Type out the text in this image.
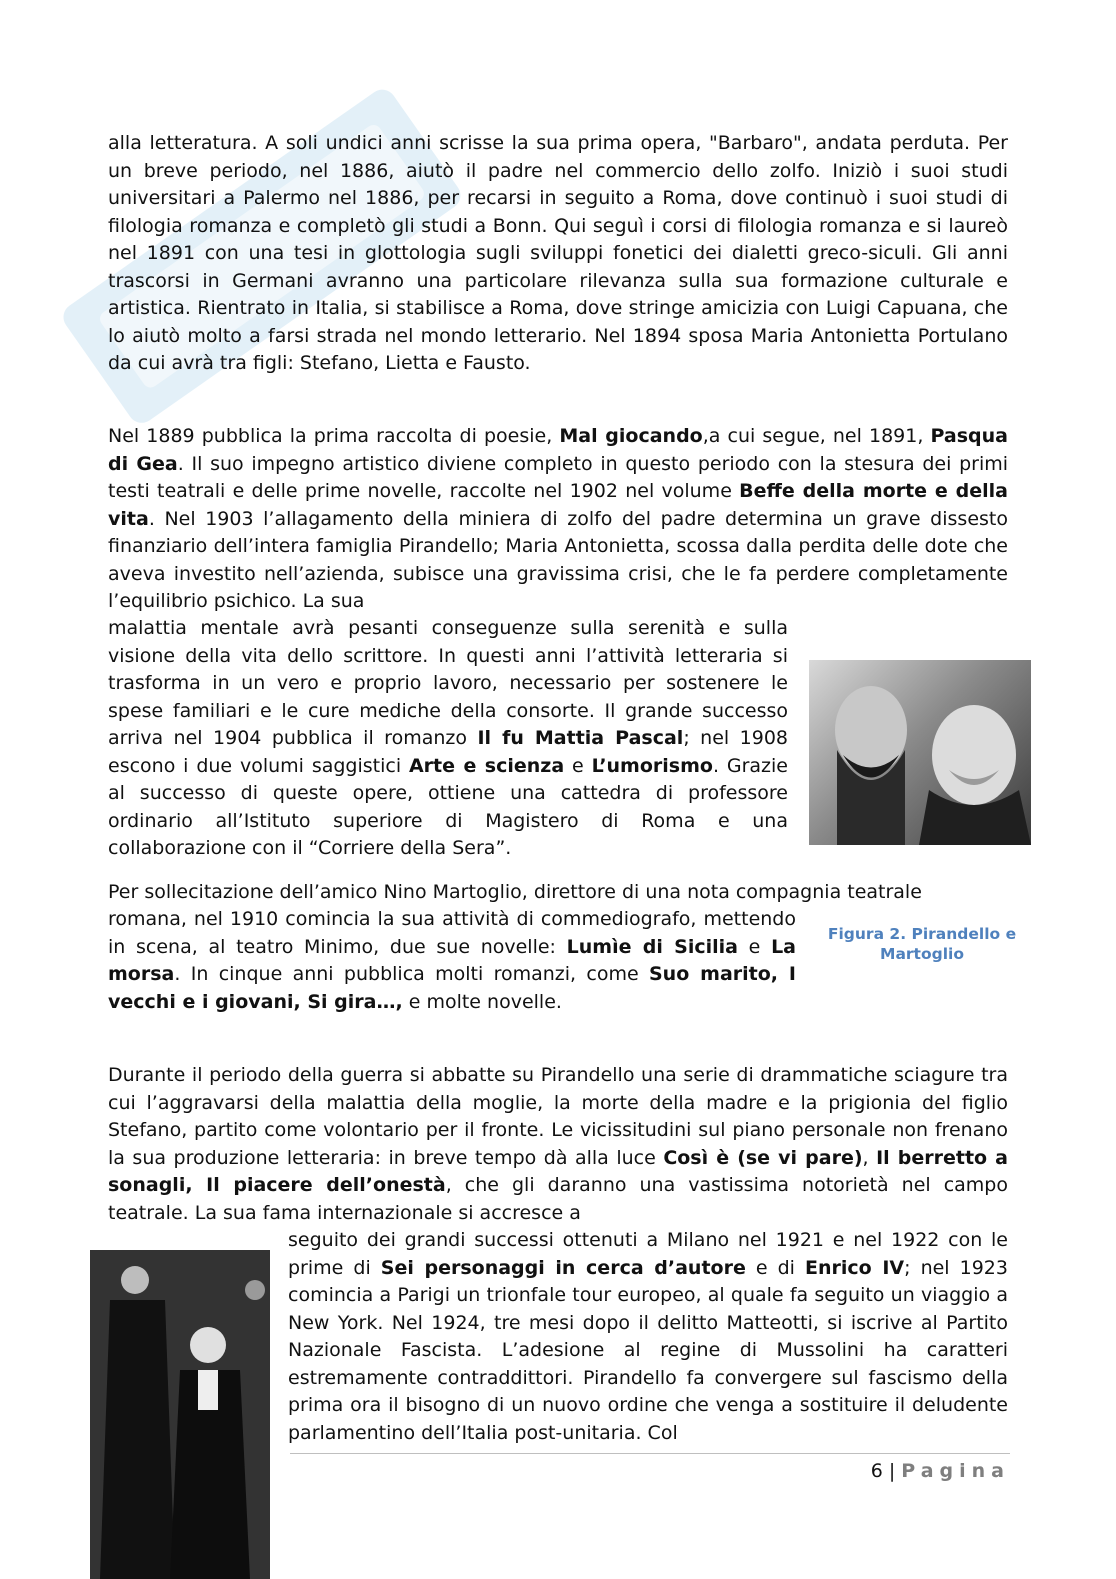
alla letteratura. A soli undici anni scrisse la sua prima opera, "Barbaro", andata perduta. Per un breve periodo, nel 1886, aiutò il padre nel commercio dello zolfo. Iniziò i suoi studi universitari a Palermo nel 1886, per recarsi in seguito a Roma, dove continuò i suoi studi di filologia romanza e completò gli studi a Bonn. Qui seguì i corsi di filologia romanza e si laureò nel 1891 con una tesi in glottologia sugli sviluppi fonetici dei dialetti greco-siculi. Gli anni trascorsi in Germani avranno una particolare rilevanza sulla sua formazione culturale e artistica. Rientrato in Italia, si stabilisce a Roma, dove stringe amicizia con Luigi Capuana, che lo aiutò molto a farsi strada nel mondo letterario. Nel 1894 sposa Maria Antonietta Portulano da cui avrà tra figli: Stefano, Lietta e Fausto.

Nel 1889 pubblica la prima raccolta di poesie, Mal giocando,a cui segue, nel 1891, Pasqua di Gea. Il suo impegno artistico diviene completo in questo periodo con la stesura dei primi testi teatrali e delle prime novelle, raccolte nel 1902 nel volume Beffe della morte e della vita. Nel 1903 l’allagamento della miniera di zolfo del padre determina un grave dissesto finanziario dell’intera famiglia Pirandello; Maria Antonietta, scossa dalla perdita delle dote che aveva investito nell’azienda, subisce una gravissima crisi, che le fa perdere completamente l’equilibrio psichico. La sua

malattia mentale avrà pesanti conseguenze sulla serenità e sulla visione della vita dello scrittore. In questi anni l’attività letteraria si trasforma in un vero e proprio lavoro, necessario per sostenere le spese familiari e le cure mediche della consorte. Il grande successo arriva nel 1904 pubblica il romanzo Il fu Mattia Pascal; nel 1908 escono i due volumi saggistici Arte e scienza e L’umorismo. Grazie al successo di queste opere, ottiene una cattedra di professore ordinario all’Istituto superiore di Magistero di Roma e una collaborazione con il “Corriere della Sera”.

Figura 2. Pirandello e
Martoglio

Per sollecitazione dell’amico Nino Martoglio, direttore di una nota compagnia teatrale

romana, nel 1910 comincia la sua attività di commediografo, mettendo in scena, al teatro Minimo, due sue novelle: Lumìe di Sicilia e La morsa. In cinque anni pubblica molti romanzi, come Suo marito, I vecchi e i giovani, Si gira…, e molte novelle.

Durante il periodo della guerra si abbatte su Pirandello una serie di drammatiche sciagure tra cui l’aggravarsi della malattia della moglie, la morte della madre e la prigionia del figlio Stefano, partito come volontario per il fronte. Le vicissitudini sul piano personale non frenano la sua produzione letteraria: in breve tempo dà alla luce Così è (se vi pare), Il berretto a sonagli, Il piacere dell’onestà, che gli daranno una vastissima notorietà nel campo teatrale. La sua fama internazionale si accresce a

seguito dei grandi successi ottenuti a Milano nel 1921 e nel 1922 con le prime di Sei personaggi in cerca d’autore e di Enrico IV; nel 1923 comincia a Parigi un trionfale tour europeo, al quale fa seguito un viaggio a New York. Nel 1924, tre mesi dopo il delitto Matteotti, si iscrive al Partito Nazionale Fascista. L’adesione al regine di Mussolini ha caratteri estremamente contraddittori. Pirandello fa convergere sul fascismo della prima ora il bisogno di un nuovo ordine che venga a sostituire il deludente parlamentino dell’Italia post-unitaria. Col

6 | Pagina
